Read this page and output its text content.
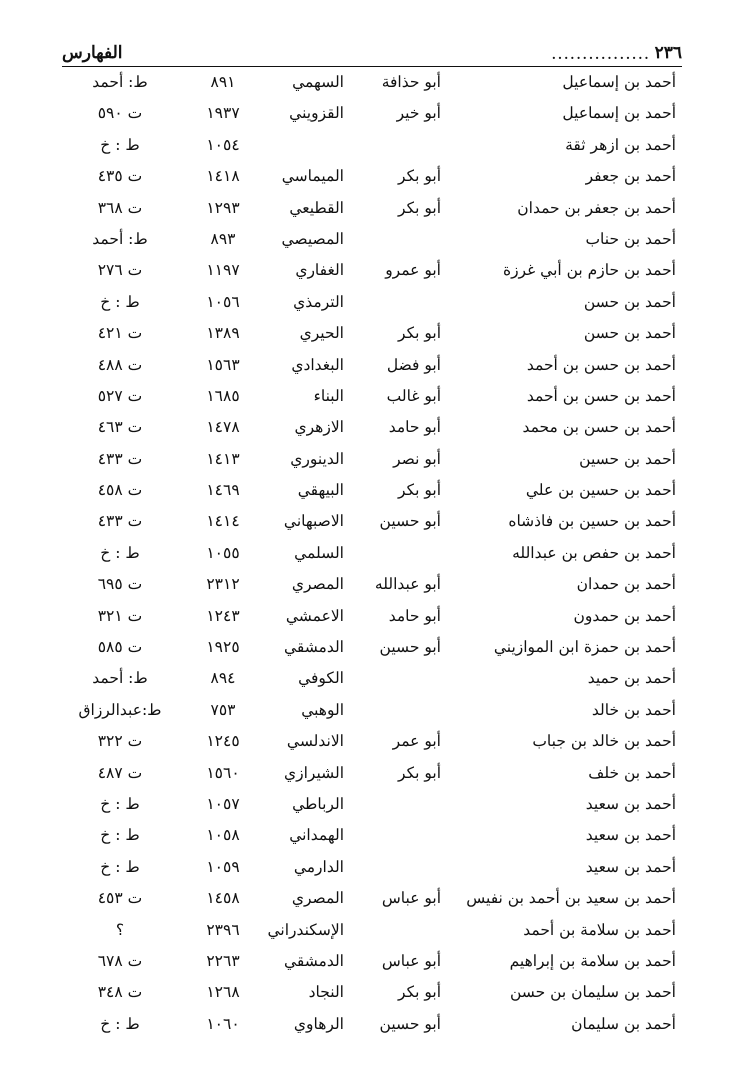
٢٣٦
................
الفهارس
أحمد بن إسماعيل
أبو حذافة
السهمي
٨٩١
ط: أحمد
أحمد بن إسماعيل
أبو خير
القزويني
١٩٣٧
ت ٥٩٠
أحمد بن ازهر ثقة
١٠٥٤
ط : خ
أحمد بن جعفر
أبو بكر
الميماسي
١٤١٨
ت ٤٣٥
أحمد بن جعفر بن حمدان
أبو بكر
القطيعي
١٢٩٣
ت ٣٦٨
أحمد بن حناب
المصيصي
٨٩٣
ط: أحمد
أحمد بن حازم بن أبي غرزة
أبو عمرو
الغفاري
١١٩٧
ت ٢٧٦
أحمد بن حسن
الترمذي
١٠٥٦
ط : خ
أحمد بن حسن
أبو بكر
الحيري
١٣٨٩
ت ٤٢١
أحمد بن حسن بن أحمد
أبو فضل
البغدادي
١٥٦٣
ت ٤٨٨
أحمد بن حسن بن أحمد
أبو غالب
البناء
١٦٨٥
ت ٥٢٧
أحمد بن حسن بن محمد
أبو حامد
الازهري
١٤٧٨
ت ٤٦٣
أحمد بن حسين
أبو نصر
الدينوري
١٤١٣
ت ٤٣٣
أحمد بن حسين بن علي
أبو بكر
البيهقي
١٤٦٩
ت ٤٥٨
أحمد بن حسين بن فاذشاه
أبو حسين
الاصبهاني
١٤١٤
ت ٤٣٣
أحمد بن حفص بن عبدالله
السلمي
١٠٥٥
ط : خ
أحمد بن حمدان
أبو عبدالله
المصري
٢٣١٢
ت ٦٩٥
أحمد بن حمدون
أبو حامد
الاعمشي
١٢٤٣
ت ٣٢١
أحمد بن حمزة ابن الموازيني
أبو حسين
الدمشقي
١٩٢٥
ت ٥٨٥
أحمد بن حميد
الكوفي
٨٩٤
ط: أحمد
أحمد بن خالد
الوهبي
٧٥٣
ط:عبدالرزاق
أحمد بن خالد بن جباب
أبو عمر
الاندلسي
١٢٤٥
ت ٣٢٢
أحمد بن خلف
أبو بكر
الشيرازي
١٥٦٠
ت ٤٨٧
أحمد بن سعيد
الرباطي
١٠٥٧
ط : خ
أحمد بن سعيد
الهمداني
١٠٥٨
ط : خ
أحمد بن سعيد
الدارمي
١٠٥٩
ط : خ
أحمد بن سعيد بن أحمد بن نفيس
أبو عباس
المصري
١٤٥٨
ت ٤٥٣
أحمد بن سلامة بن أحمد
الإسكندراني
٢٣٩٦
؟
أحمد بن سلامة بن إبراهيم
أبو عباس
الدمشقي
٢٢٦٣
ت ٦٧٨
أحمد بن سليمان بن حسن
أبو بكر
النجاد
١٢٦٨
ت ٣٤٨
أحمد بن سليمان
أبو حسين
الرهاوي
١٠٦٠
ط : خ
